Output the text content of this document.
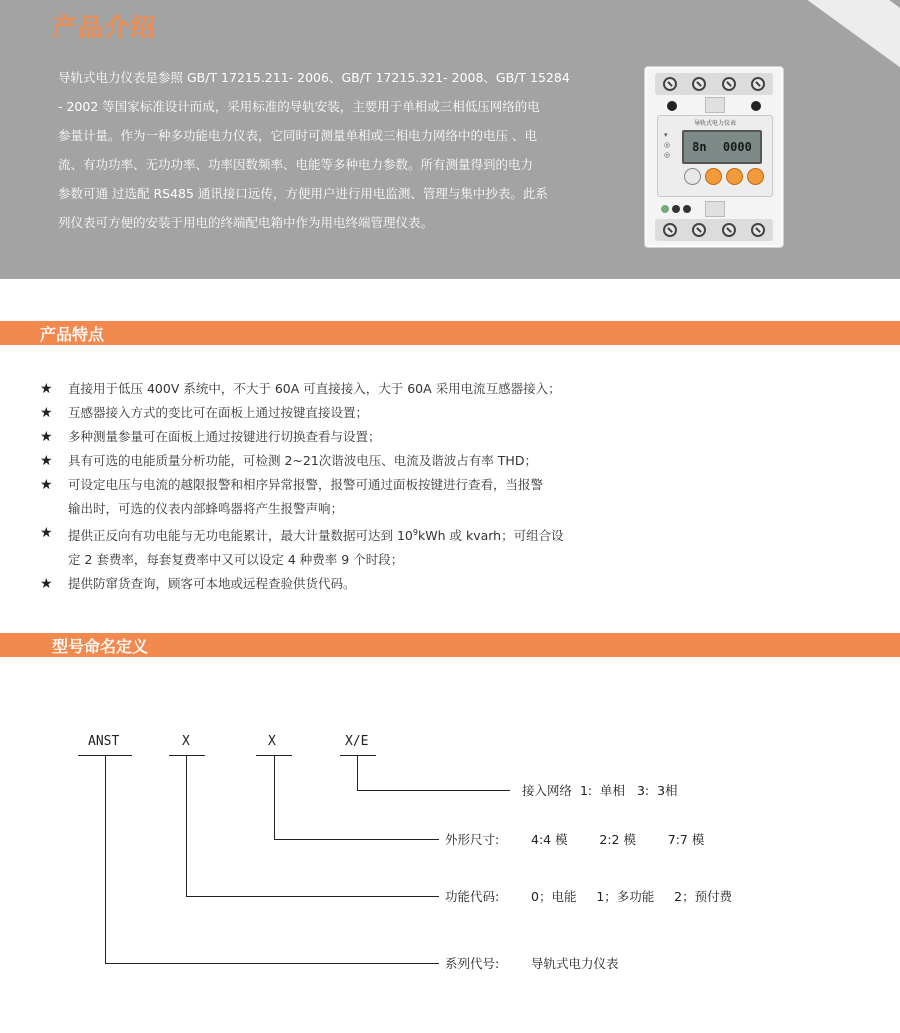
产品介绍

导轨式电力仪表是参照 GB/T 17215.211- 2006、GB/T 17215.321- 2008、GB/T 15284
- 2002 等国家标准设计而成，采用标准的导轨安装，主要用于单相或三相低压网络的电
参量计量。作为一种多功能电力仪表，它同时可测量单相或三相电力网络中的电压 、电
流、有功功率、无功功率、功率因数频率、电能等多种电力参数。所有测量得到的电力
参数可通 过选配 RS485 通讯接口远传，方便用户进行用电监测、管理与集中抄表。此系
列仪表可方便的安装于用电的终端配电箱中作为用电终端管理仪表。

导轨式电力仪表
▾
◎
◎
8n 0000
产品特点
★ 直接用于低压 400V 系统中，不大于 60A 可直接接入，大于 60A 采用电流互感器接入；
★ 互感器接入方式的变比可在面板上通过按键直接设置；
★ 多种测量参量可在面板上通过按键进行切换查看与设置；
★ 具有可选的电能质量分析功能，可检测 2~21次谐波电压、电流及谐波占有率 THD；
★ 可设定电压与电流的越限报警和相序异常报警，报警可通过面板按键进行查看，当报警
输出时，可选的仪表内部蜂鸣器将产生报警声响；
★ 提供正反向有功电能与无功电能累计，最大计量数据可达到 $10^9kWh$ 或 kvarh；可组合设
定 2 套费率，每套复费率中又可以设定 4 种费率 9 个时段；
★ 提供防窜货查询，顾客可本地或远程查验供货代码。
型号命名定义
ANST	X	X	X/E
接入网络  1:  单相   3:  3相
外形尺寸:        4:4 模        2:2 模        7:7 模
功能代码:        0；电能     1；多功能     2；预付费
系列代号:        导轨式电力仪表
